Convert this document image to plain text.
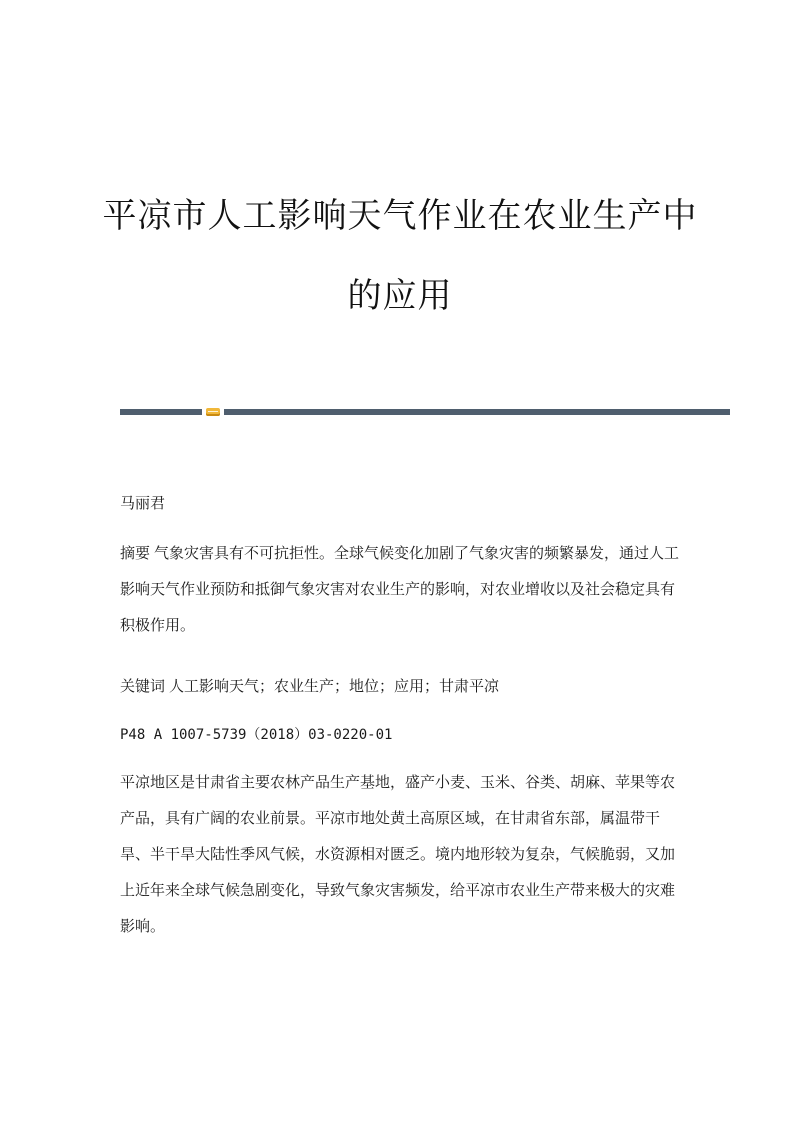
平凉市人工影响天气作业在农业生产中
的应用

马丽君

摘要 气象灾害具有不可抗拒性。全球气候变化加剧了气象灾害的频繁暴发，通过人工影响天气作业预防和抵御气象灾害对农业生产的影响，对农业增收以及社会稳定具有积极作用。

关键词 人工影响天气；农业生产；地位；应用；甘肃平凉

P48 A 1007-5739（2018）03-0220-01

平凉地区是甘肃省主要农林产品生产基地，盛产小麦、玉米、谷类、胡麻、苹果等农产品，具有广阔的农业前景。平凉市地处黄土高原区域，在甘肃省东部，属温带干旱、半干旱大陆性季风气候，水资源相对匮乏。境内地形较为复杂，气候脆弱，又加上近年来全球气候急剧变化，导致气象灾害频发，给平凉市农业生产带来极大的灾难影响。
